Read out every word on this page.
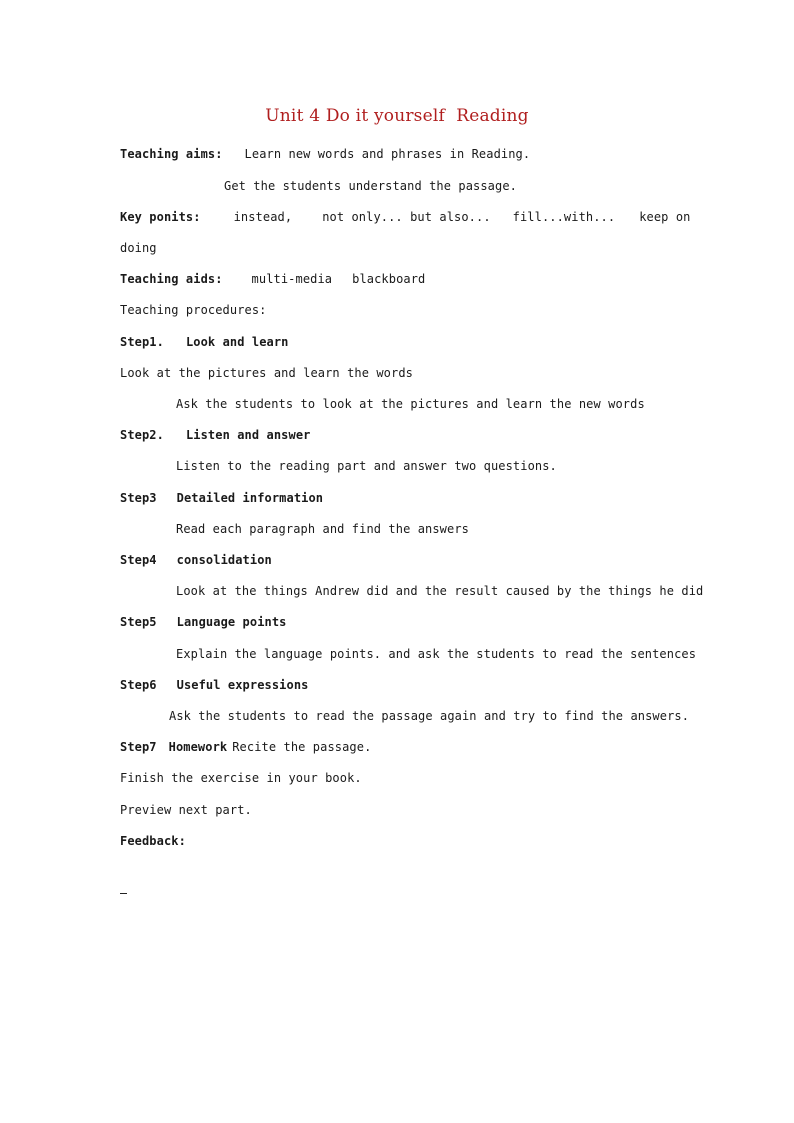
Unit 4 Do it yourself  Reading
Teaching aims: Learn new words and phrases in Reading.
Get the students understand the passage.
Key ponits:	instead,	not only... but also... fill...with... keep on
doing
Teaching aids: multi-media blackboard
Teaching procedures:
Step1. Look and learn
Look at the pictures and learn the words
Ask the students to look at the pictures and learn the new words
Step2. Listen and answer
Listen to the reading part and answer two questions.
Step3 Detailed information
Read each paragraph and find the answers
Step4 consolidation
Look at the things Andrew did and the result caused by the things he did
Step5 Language points
Explain the language points. and ask the students to read the sentences
Step6 Useful expressions
Ask the students to read the passage again and try to find the answers.
Step7 Homework Recite the passage.
Finish the exercise in your book.
Preview next part.
Feedback:
